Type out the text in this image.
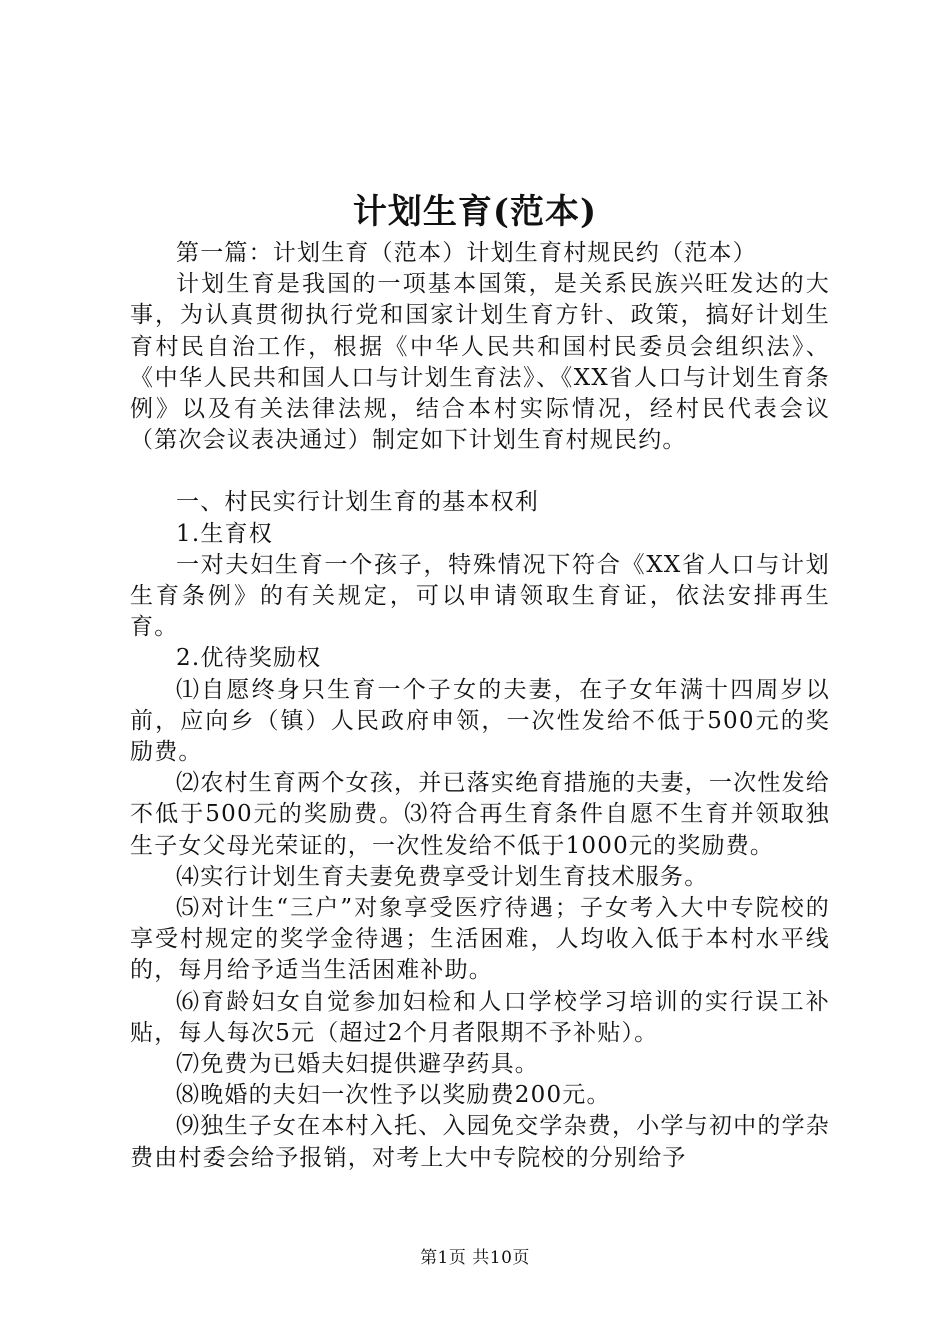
计划生育(范本)

第一篇：计划生育（范本）计划生育村规民约（范本）

计划生育是我国的一项基本国策，是关系民族兴旺发达的大事，为认真贯彻执行党和国家计划生育方针、政策，搞好计划生育村民自治工作，根据《中华人民共和国村民委员会组织法》、《中华人民共和国人口与计划生育法》、《XX省人口与计划生育条例》以及有关法律法规，结合本村实际情况，经村民代表会议（第次会议表决通过）制定如下计划生育村规民约。

一、村民实行计划生育的基本权利

1.生育权

一对夫妇生育一个孩子，特殊情况下符合《XX省人口与计划生育条例》的有关规定，可以申请领取生育证，依法安排再生育。

2.优待奖励权

⑴自愿终身只生育一个子女的夫妻，在子女年满十四周岁以前，应向乡（镇）人民政府申领，一次性发给不低于500元的奖励费。

⑵农村生育两个女孩，并已落实绝育措施的夫妻，一次性发给不低于500元的奖励费。⑶符合再生育条件自愿不生育并领取独生子女父母光荣证的，一次性发给不低于1000元的奖励费。

⑷实行计划生育夫妻免费享受计划生育技术服务。

⑸对计生“三户”对象享受医疗待遇；子女考入大中专院校的享受村规定的奖学金待遇；生活困难，人均收入低于本村水平线的，每月给予适当生活困难补助。

⑹育龄妇女自觉参加妇检和人口学校学习培训的实行误工补贴，每人每次5元（超过2个月者限期不予补贴）。

⑺免费为已婚夫妇提供避孕药具。

⑻晚婚的夫妇一次性予以奖励费200元。

⑼独生子女在本村入托、入园免交学杂费，小学与初中的学杂费由村委会给予报销，对考上大中专院校的分别给予

第1页 共10页
